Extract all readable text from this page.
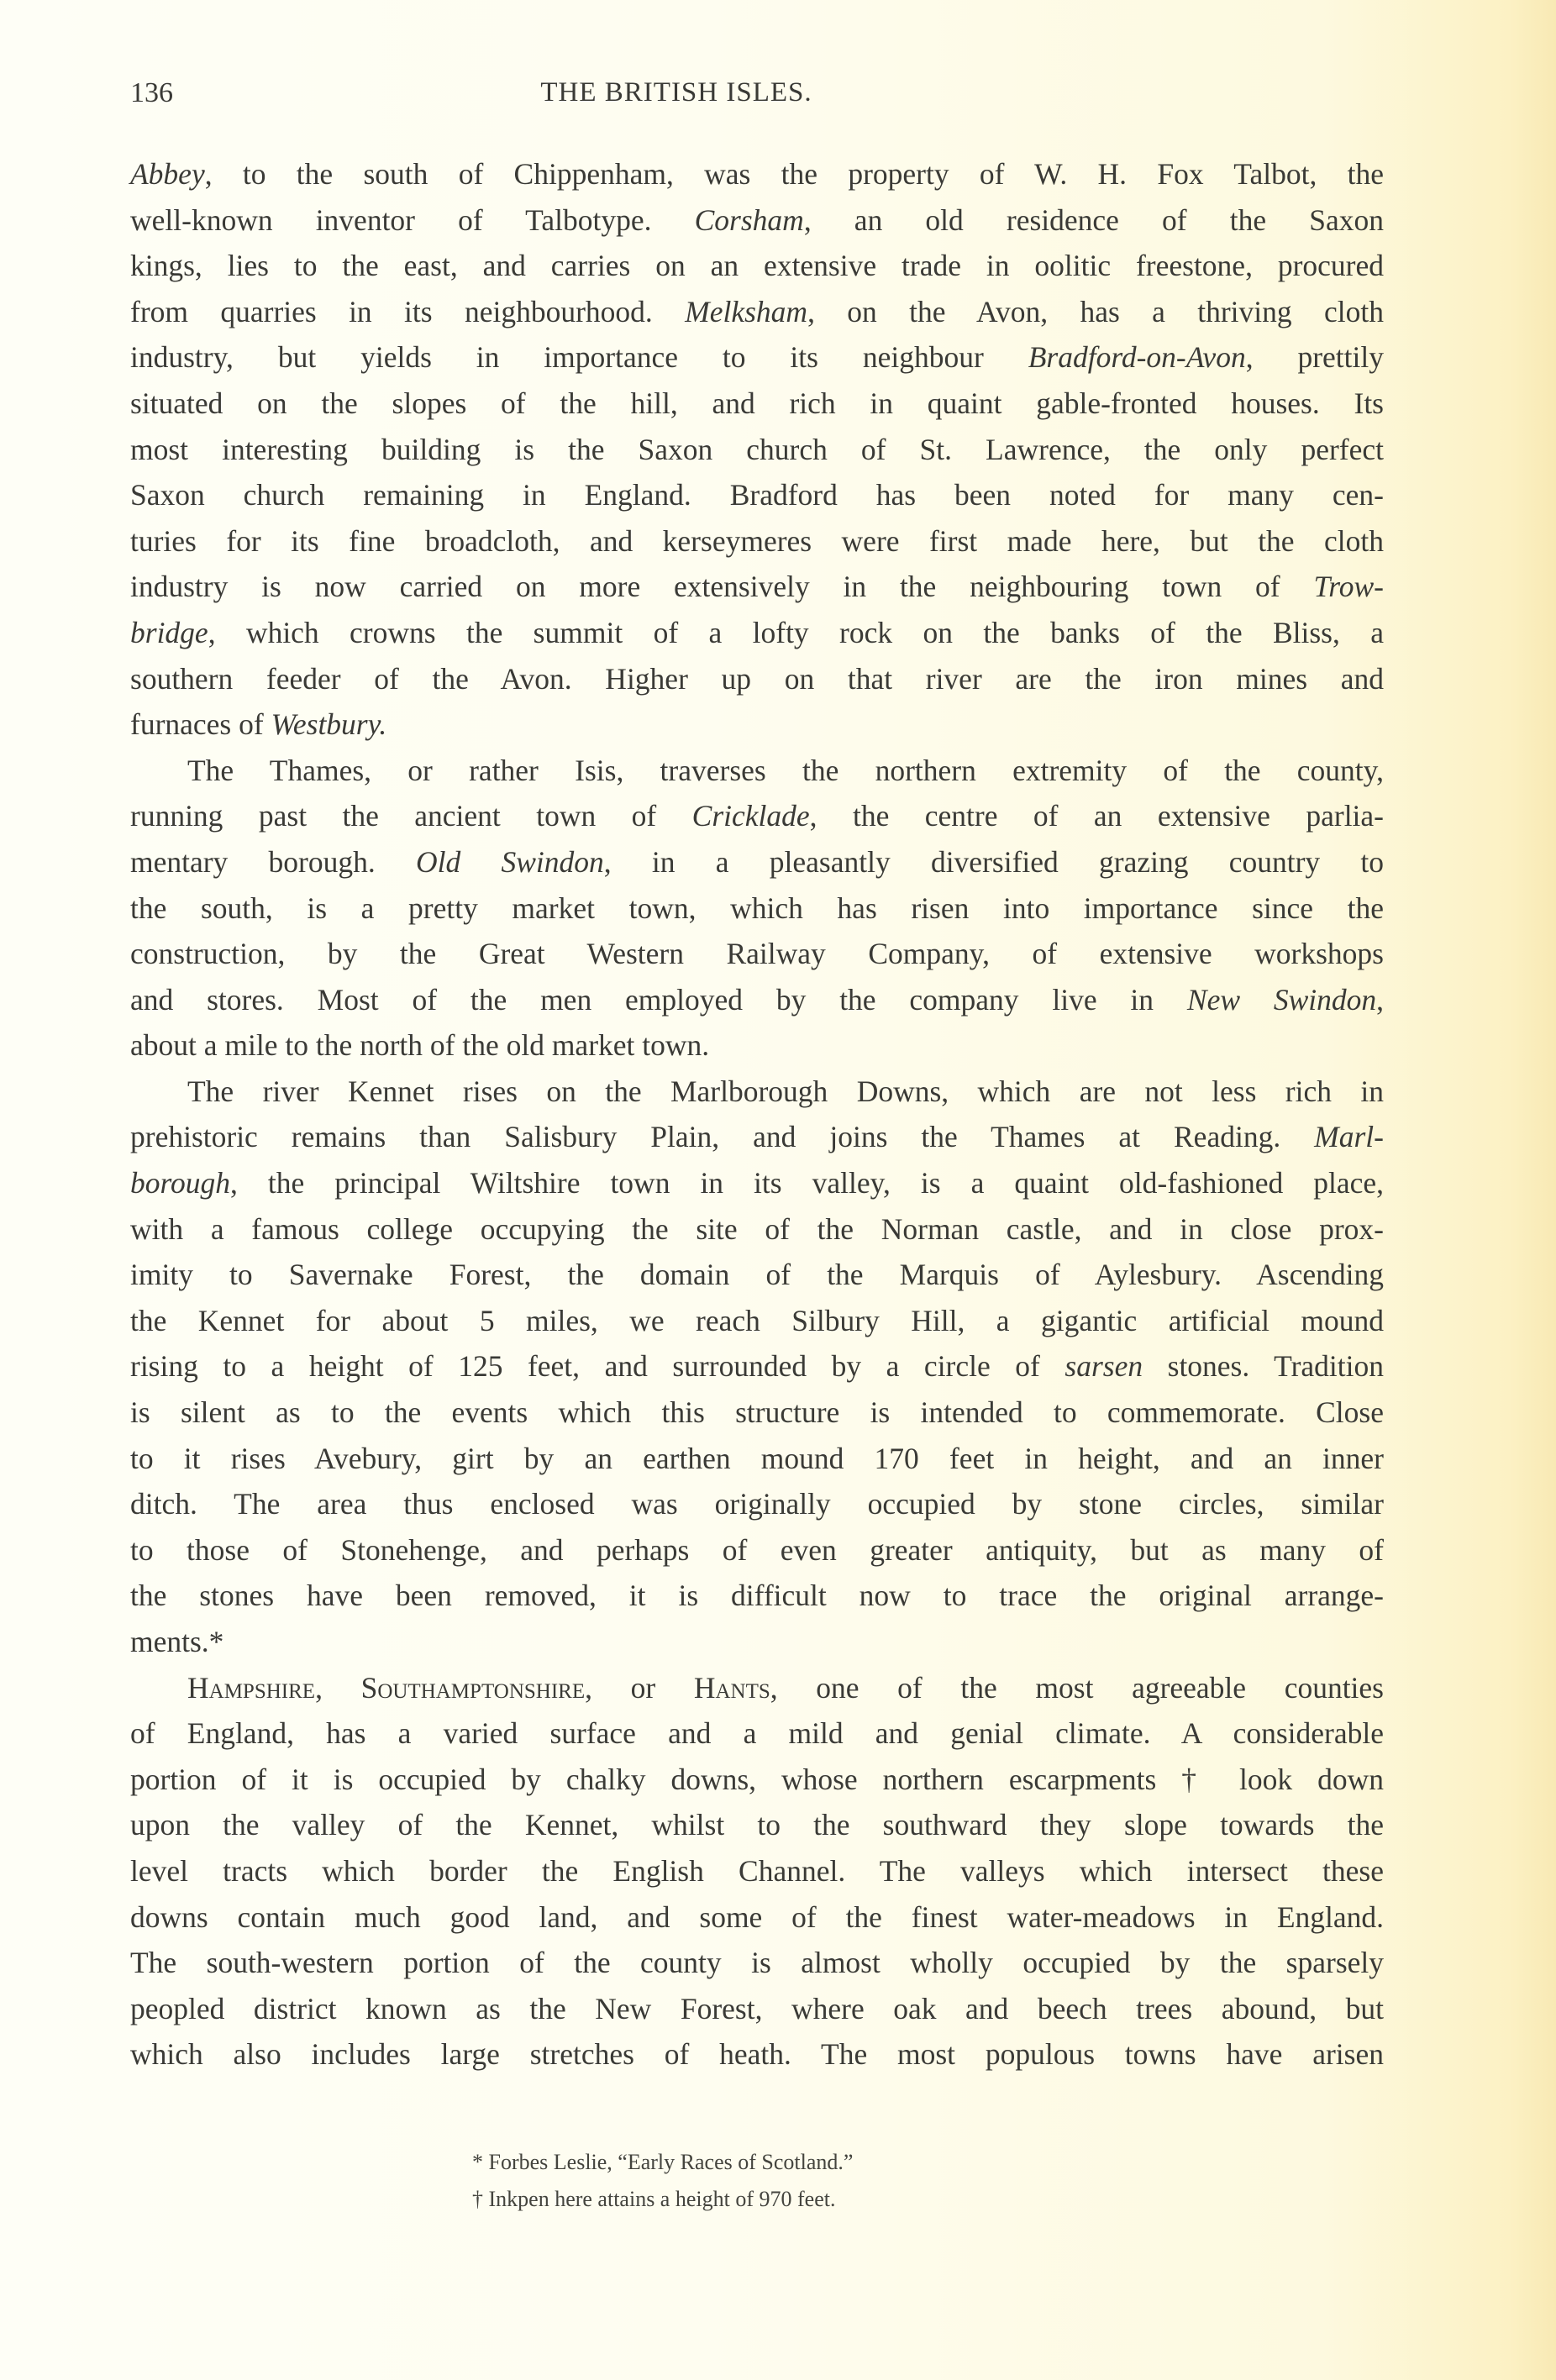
136	THE BRITISH ISLES.
Abbey, to the south of Chippenham, was the property of W. H. Fox Talbot, the
well-known inventor of Talbotype. Corsham, an old residence of the Saxon
kings, lies to the east, and carries on an extensive trade in oolitic freestone, procured
from quarries in its neighbourhood. Melksham, on the Avon, has a thriving cloth
industry, but yields in importance to its neighbour Bradford-on-Avon, prettily
situated on the slopes of the hill, and rich in quaint gable-fronted houses. Its
most interesting building is the Saxon church of St. Lawrence, the only perfect
Saxon church remaining in England. Bradford has been noted for many cen-
turies for its fine broadcloth, and kerseymeres were first made here, but the cloth
industry is now carried on more extensively in the neighbouring town of Trow-
bridge, which crowns the summit of a lofty rock on the banks of the Bliss, a
southern feeder of the Avon. Higher up on that river are the iron mines and
furnaces of Westbury.
The Thames, or rather Isis, traverses the northern extremity of the county,
running past the ancient town of Cricklade, the centre of an extensive parlia-
mentary borough. Old Swindon, in a pleasantly diversified grazing country to
the south, is a pretty market town, which has risen into importance since the
construction, by the Great Western Railway Company, of extensive workshops
and stores. Most of the men employed by the company live in New Swindon,
about a mile to the north of the old market town.
The river Kennet rises on the Marlborough Downs, which are not less rich in
prehistoric remains than Salisbury Plain, and joins the Thames at Reading. Marl-
borough, the principal Wiltshire town in its valley, is a quaint old-fashioned place,
with a famous college occupying the site of the Norman castle, and in close prox-
imity to Savernake Forest, the domain of the Marquis of Aylesbury. Ascending
the Kennet for about 5 miles, we reach Silbury Hill, a gigantic artificial mound
rising to a height of 125 feet, and surrounded by a circle of sarsen stones. Tradition
is silent as to the events which this structure is intended to commemorate. Close
to it rises Avebury, girt by an earthen mound 170 feet in height, and an inner
ditch. The area thus enclosed was originally occupied by stone circles, similar
to those of Stonehenge, and perhaps of even greater antiquity, but as many of
the stones have been removed, it is difficult now to trace the original arrange-
ments.*
Hampshire, Southamptonshire, or Hants, one of the most agreeable counties
of England, has a varied surface and a mild and genial climate. A considerable
portion of it is occupied by chalky downs, whose northern escarpments † look down
upon the valley of the Kennet, whilst to the southward they slope towards the
level tracts which border the English Channel. The valleys which intersect these
downs contain much good land, and some of the finest water-meadows in England.
The south-western portion of the county is almost wholly occupied by the sparsely
peopled district known as the New Forest, where oak and beech trees abound, but
which also includes large stretches of heath. The most populous towns have arisen
* Forbes Leslie, “Early Races of Scotland.”
† Inkpen here attains a height of 970 feet.
